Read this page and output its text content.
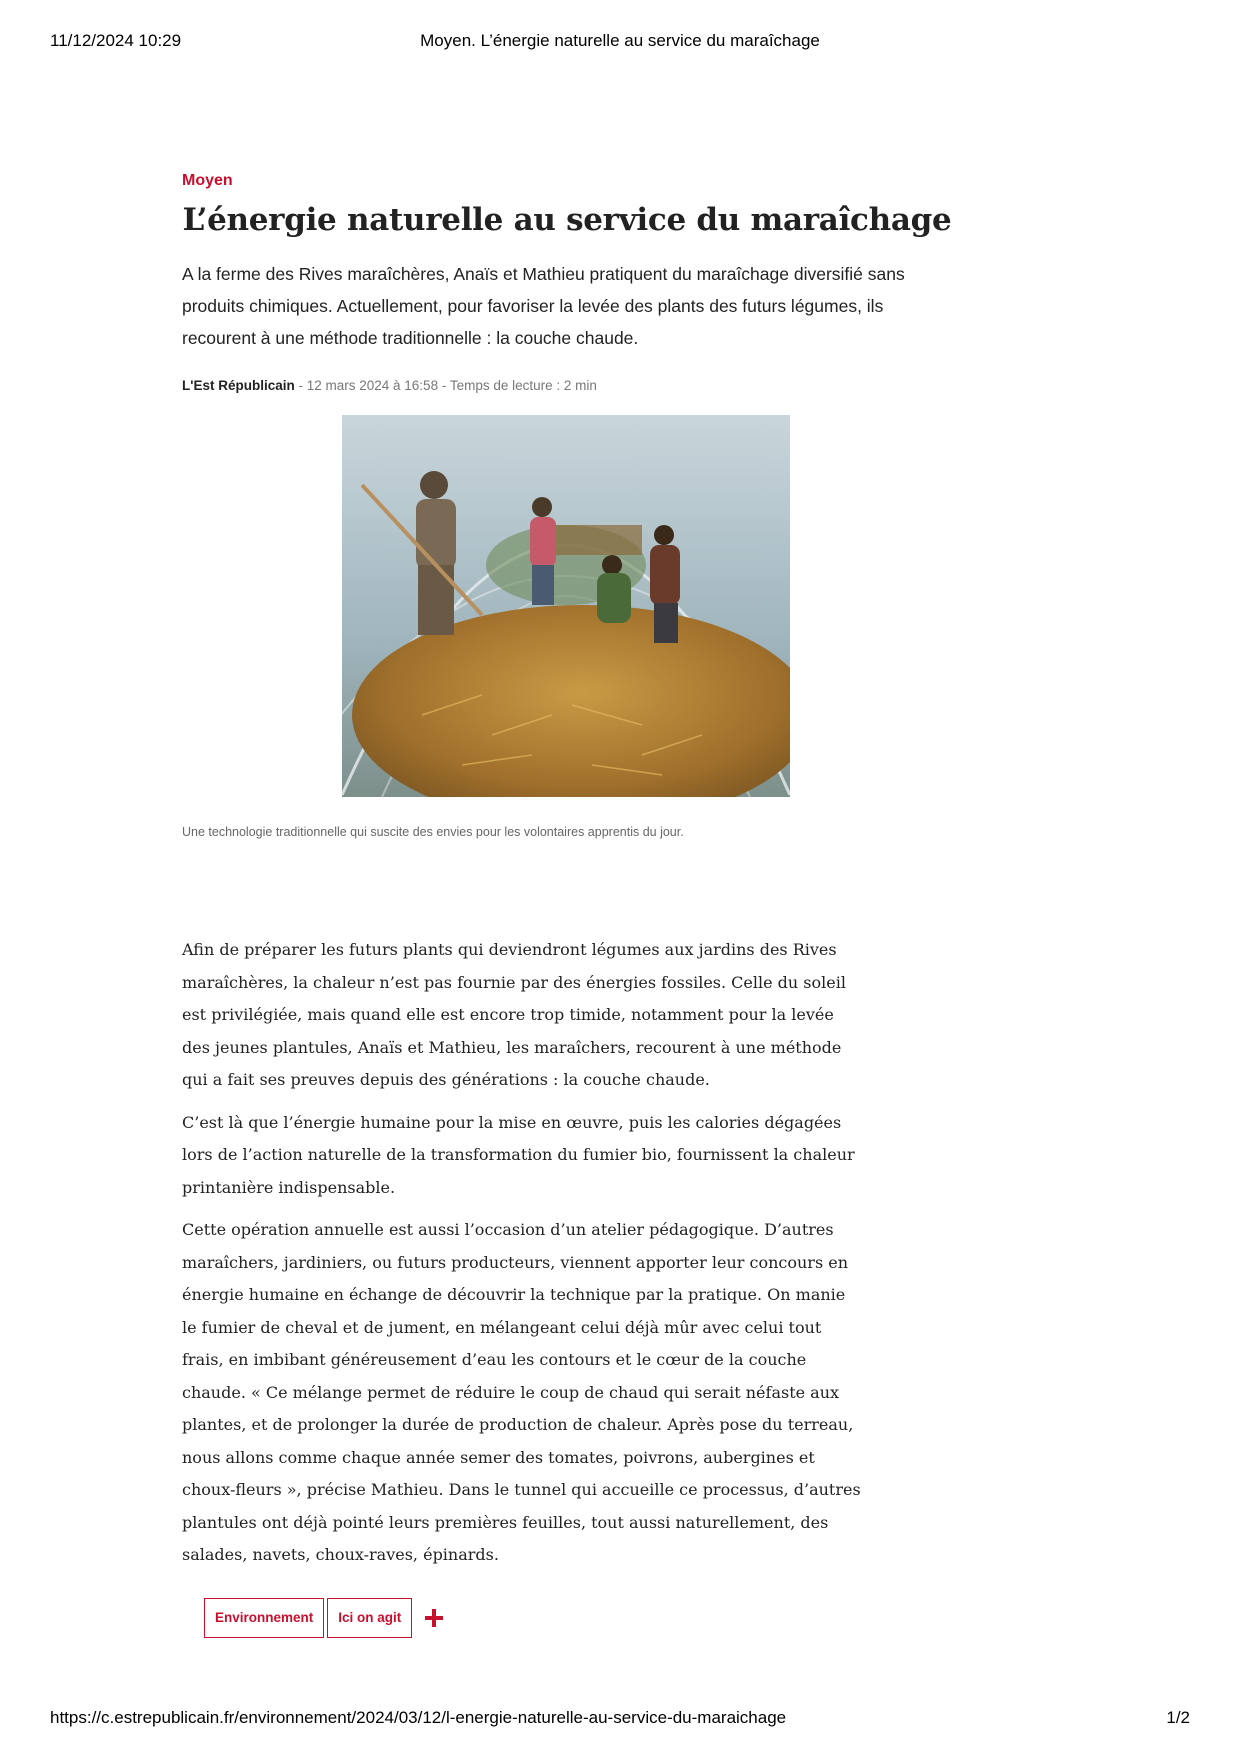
11/12/2024 10:29	Moyen. L’énergie naturelle au service du maraîchage
Moyen
L’énergie naturelle au service du maraîchage

A la ferme des Rives maraîchères, Anaïs et Mathieu pratiquent du maraîchage diversifié sans produits chimiques. Actuellement, pour favoriser la levée des plants des futurs légumes, ils recourent à une méthode traditionnelle : la couche chaude.

L'Est Républicain - 12 mars 2024 à 16:58 - Temps de lecture : 2 min
Une technologie traditionnelle qui suscite des envies pour les volontaires apprentis du jour.

Afin de préparer les futurs plants qui deviendront légumes aux jardins des Rives maraîchères, la chaleur n’est pas fournie par des énergies fossiles. Celle du soleil est privilégiée, mais quand elle est encore trop timide, notamment pour la levée des jeunes plantules, Anaïs et Mathieu, les maraîchers, recourent à une méthode qui a fait ses preuves depuis des générations : la couche chaude.

C’est là que l’énergie humaine pour la mise en œuvre, puis les calories dégagées lors de l’action naturelle de la transformation du fumier bio, fournissent la chaleur printanière indispensable.

Cette opération annuelle est aussi l’occasion d’un atelier pédagogique. D’autres maraîchers, jardiniers, ou futurs producteurs, viennent apporter leur concours en énergie humaine en échange de découvrir la technique par la pratique. On manie le fumier de cheval et de jument, en mélangeant celui déjà mûr avec celui tout frais, en imbibant généreusement d’eau les contours et le cœur de la couche chaude. « Ce mélange permet de réduire le coup de chaud qui serait néfaste aux plantes, et de prolonger la durée de production de chaleur. Après pose du terreau, nous allons comme chaque année semer des tomates, poivrons, aubergines et choux-fleurs », précise Mathieu. Dans le tunnel qui accueille ce processus, d’autres plantules ont déjà pointé leurs premières feuilles, tout aussi naturellement, des salades, navets, choux-raves, épinards.

Environnement	Ici on agit
https://c.estrepublicain.fr/environnement/2024/03/12/l-energie-naturelle-au-service-du-maraichage	1/2
